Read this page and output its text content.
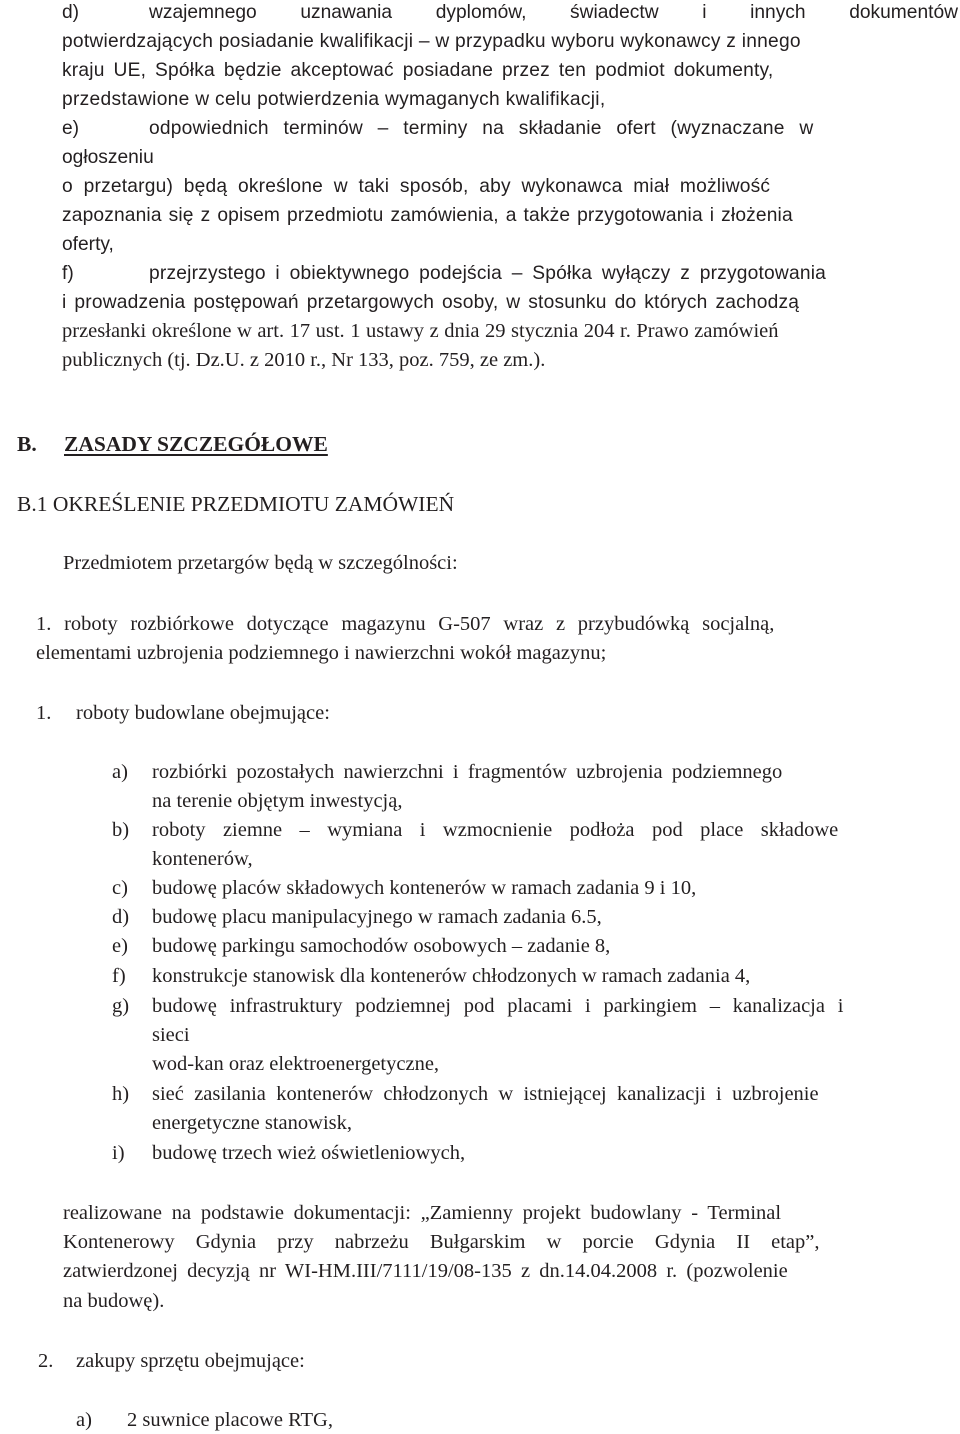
d)	wzajemnego uznawania dyplomów, świadectw i innych dokumentów
potwierdzających posiadanie kwalifikacji – w przypadku wyboru wykonawcy z innego
kraju UE, Spółka będzie akceptować posiadane przez ten podmiot dokumenty,
przedstawione w celu potwierdzenia wymaganych kwalifikacji,
e)	odpowiednich terminów – terminy na składanie ofert (wyznaczane w
ogłoszeniu
o przetargu) będą określone w taki sposób, aby wykonawca miał możliwość
zapoznania się z opisem przedmiotu zamówienia, a także przygotowania i złożenia
oferty,
f)	przejrzystego i obiektywnego podejścia – Spółka wyłączy z przygotowania
i prowadzenia postępowań przetargowych osoby, w stosunku do których zachodzą
przesłanki określone w art. 17 ust. 1 ustawy z dnia 29 stycznia 204 r. Prawo zamówień
publicznych (tj. Dz.U. z 2010 r., Nr 133, poz. 759, ze zm.).
B. ZASADY SZCZEGÓŁOWE
B.1 OKREŚLENIE PRZEDMIOTU ZAMÓWIEŃ
Przedmiotem przetargów będą w szczególności:
1. roboty rozbiórkowe dotyczące magazynu G-507 wraz z przybudówką socjalną,
elementami uzbrojenia podziemnego i nawierzchni wokół magazynu;
1. roboty budowlane obejmujące:
a) rozbiórki pozostałych nawierzchni i fragmentów uzbrojenia podziemnego
na terenie objętym inwestycją,
b) roboty ziemne – wymiana i wzmocnienie podłoża pod place składowe
kontenerów,
c) budowę placów składowych kontenerów w ramach zadania 9 i 10,
d) budowę placu manipulacyjnego w ramach zadania 6.5,
e) budowę parkingu samochodów osobowych – zadanie 8,
f) konstrukcje stanowisk dla kontenerów chłodzonych w ramach zadania 4,
g) budowę infrastruktury podziemnej pod placami i parkingiem – kanalizacja i
sieci
wod-kan oraz elektroenergetyczne,
h) sieć zasilania kontenerów chłodzonych w istniejącej kanalizacji i uzbrojenie
energetyczne stanowisk,
i) budowę trzech wież oświetleniowych,
realizowane na podstawie dokumentacji: „Zamienny projekt budowlany - Terminal
Kontenerowy Gdynia przy nabrzeżu Bułgarskim w porcie Gdynia II etap”,
zatwierdzonej decyzją nr WI-HM.III/7111/19/08-135 z dn.14.04.2008 r. (pozwolenie
na budowę).
2. zakupy sprzętu obejmujące:
a) 2 suwnice placowe RTG,
